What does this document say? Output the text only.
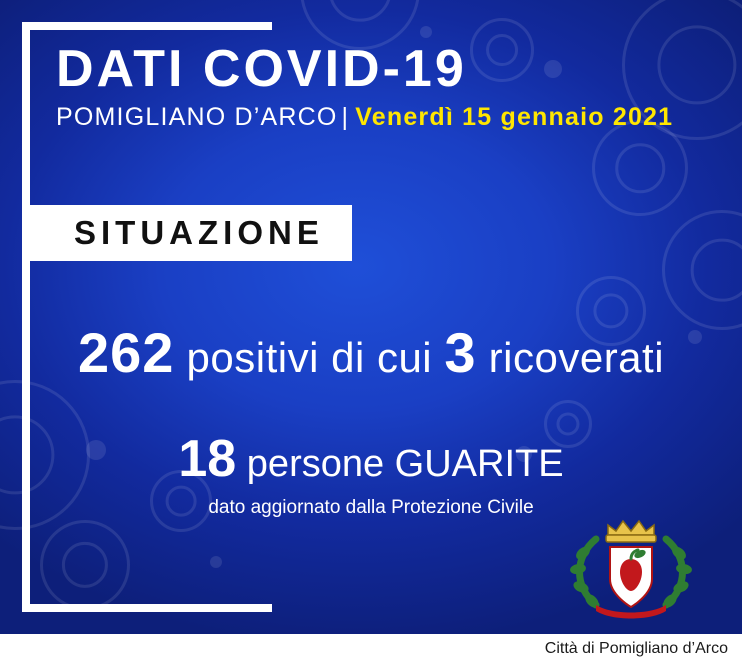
DATI COVID-19
POMIGLIANO D’ARCO | Venerdì 15 gennaio 2021
SITUAZIONE
262 positivi di cui 3 ricoverati
18 persone GUARITE
dato aggiornato dalla Protezione Civile
Città di Pomigliano d’Arco
